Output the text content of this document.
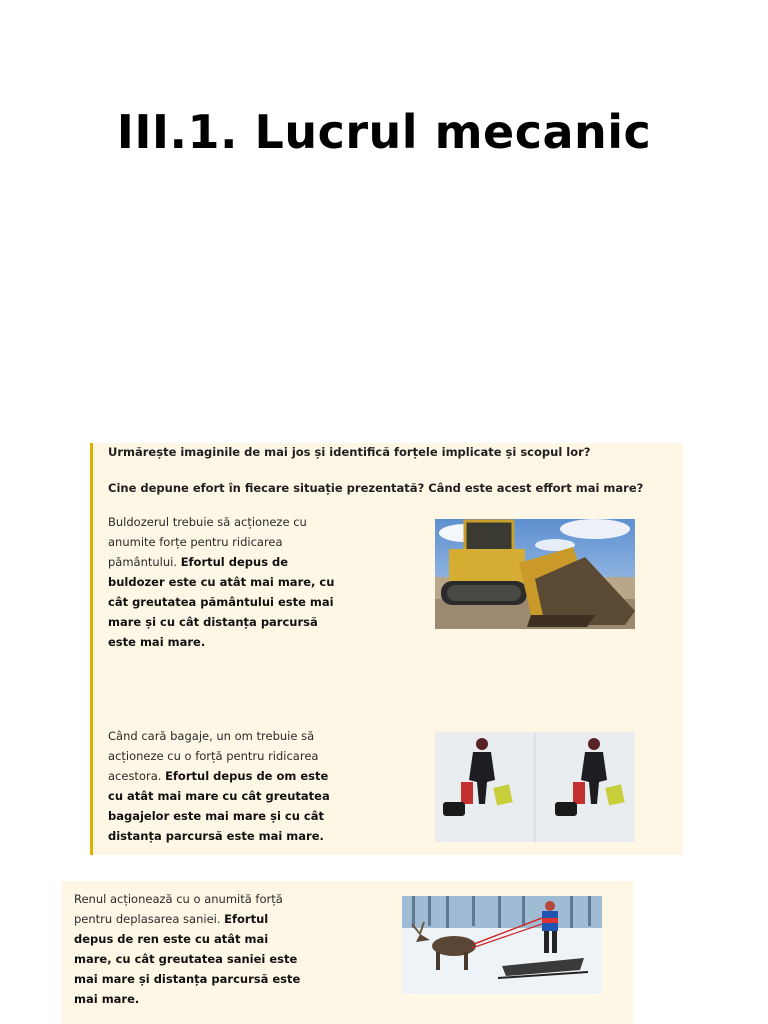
III.1. Lucrul mecanic
Urmărește imaginile de mai jos și identifică forțele implicate și scopul lor?
Cine depune efort în fiecare situație prezentată? Când este acest effort mai mare?
Buldozerul trebuie să acționeze cu anumite forțe pentru ridicarea pământului. Efortul depus de buldozer este cu atât mai mare, cu cât greutatea pământului este mai mare și cu cât distanța parcursă este mai mare.
Când cară bagaje, un om trebuie să acționeze cu o forță pentru ridicarea acestora. Efortul depus de om este cu atât mai mare cu cât greutatea bagajelor este mai mare și cu cât distanța parcursă este mai mare.
Renul acționează cu o anumită forță pentru deplasarea saniei. Efortul depus de ren este cu atât mai mare, cu cât greutatea saniei este mai mare și distanța parcursă este mai mare.
